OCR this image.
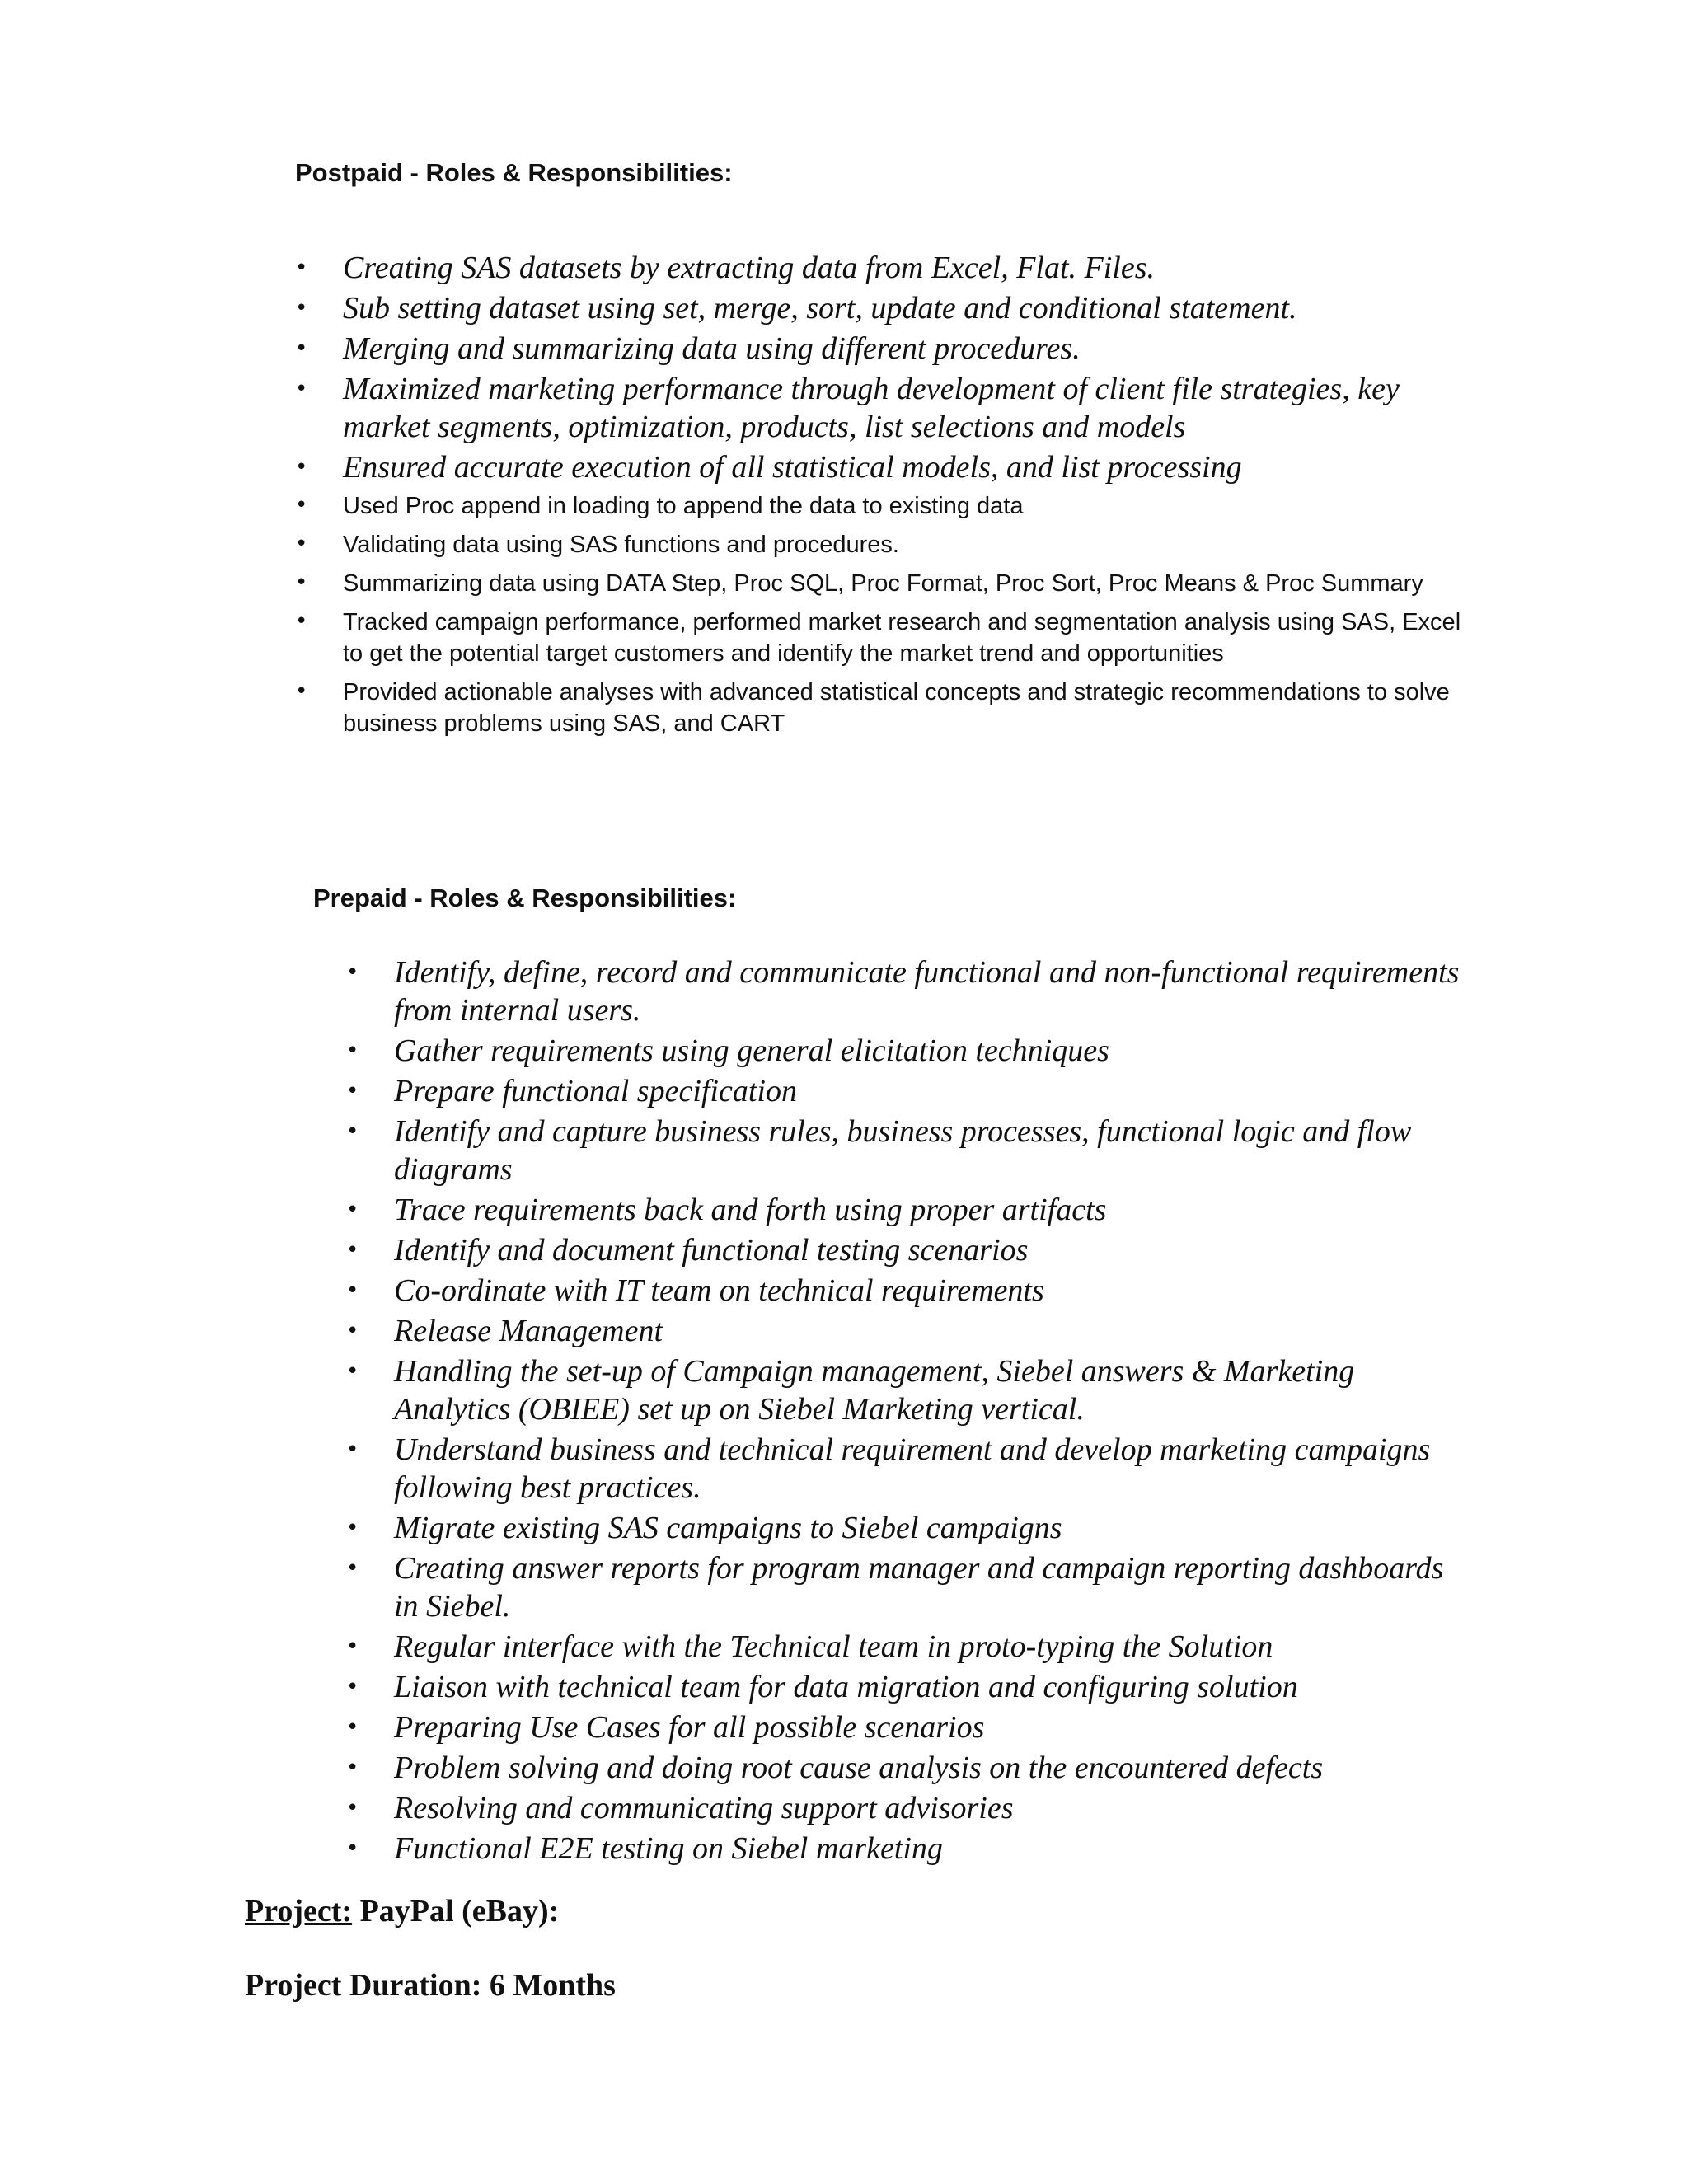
Postpaid - Roles & Responsibilities:
• Creating SAS datasets by extracting data from Excel, Flat. Files.
• Sub setting dataset using set, merge, sort, update and conditional statement.
• Merging and summarizing data using different procedures.
• Maximized marketing performance through development of client file strategies, key market segments, optimization, products, list selections and models
• Ensured accurate execution of all statistical models, and list processing
• Used Proc append in loading to append the data to existing data
• Validating data using SAS functions and procedures.
• Summarizing data using DATA Step, Proc SQL, Proc Format, Proc Sort, Proc Means & Proc Summary
• Tracked campaign performance, performed market research and segmentation analysis using SAS, Excel to get the potential target customers and identify the market trend and opportunities
• Provided actionable analyses with advanced statistical concepts and strategic recommendations to solve business problems using SAS, and CART
Prepaid - Roles & Responsibilities:
• Identify, define, record and communicate functional and non-functional requirements from internal users.
• Gather requirements using general elicitation techniques
• Prepare functional specification
• Identify and capture business rules, business processes, functional logic and flow diagrams
• Trace requirements back and forth using proper artifacts
• Identify and document functional testing scenarios
• Co-ordinate with IT team on technical requirements
• Release Management
• Handling the set-up of Campaign management, Siebel answers & Marketing Analytics (OBIEE) set up on Siebel Marketing vertical.
• Understand business and technical requirement and develop marketing campaigns following best practices.
• Migrate existing SAS campaigns to Siebel campaigns
• Creating answer reports for program manager and campaign reporting dashboards in Siebel.
• Regular interface with the Technical team in proto-typing the Solution
• Liaison with technical team for data migration and configuring solution
• Preparing Use Cases for all possible scenarios
• Problem solving and doing root cause analysis on the encountered defects
• Resolving and communicating support advisories
• Functional E2E testing on Siebel marketing
Project: PayPal (eBay):
Project Duration: 6 Months
